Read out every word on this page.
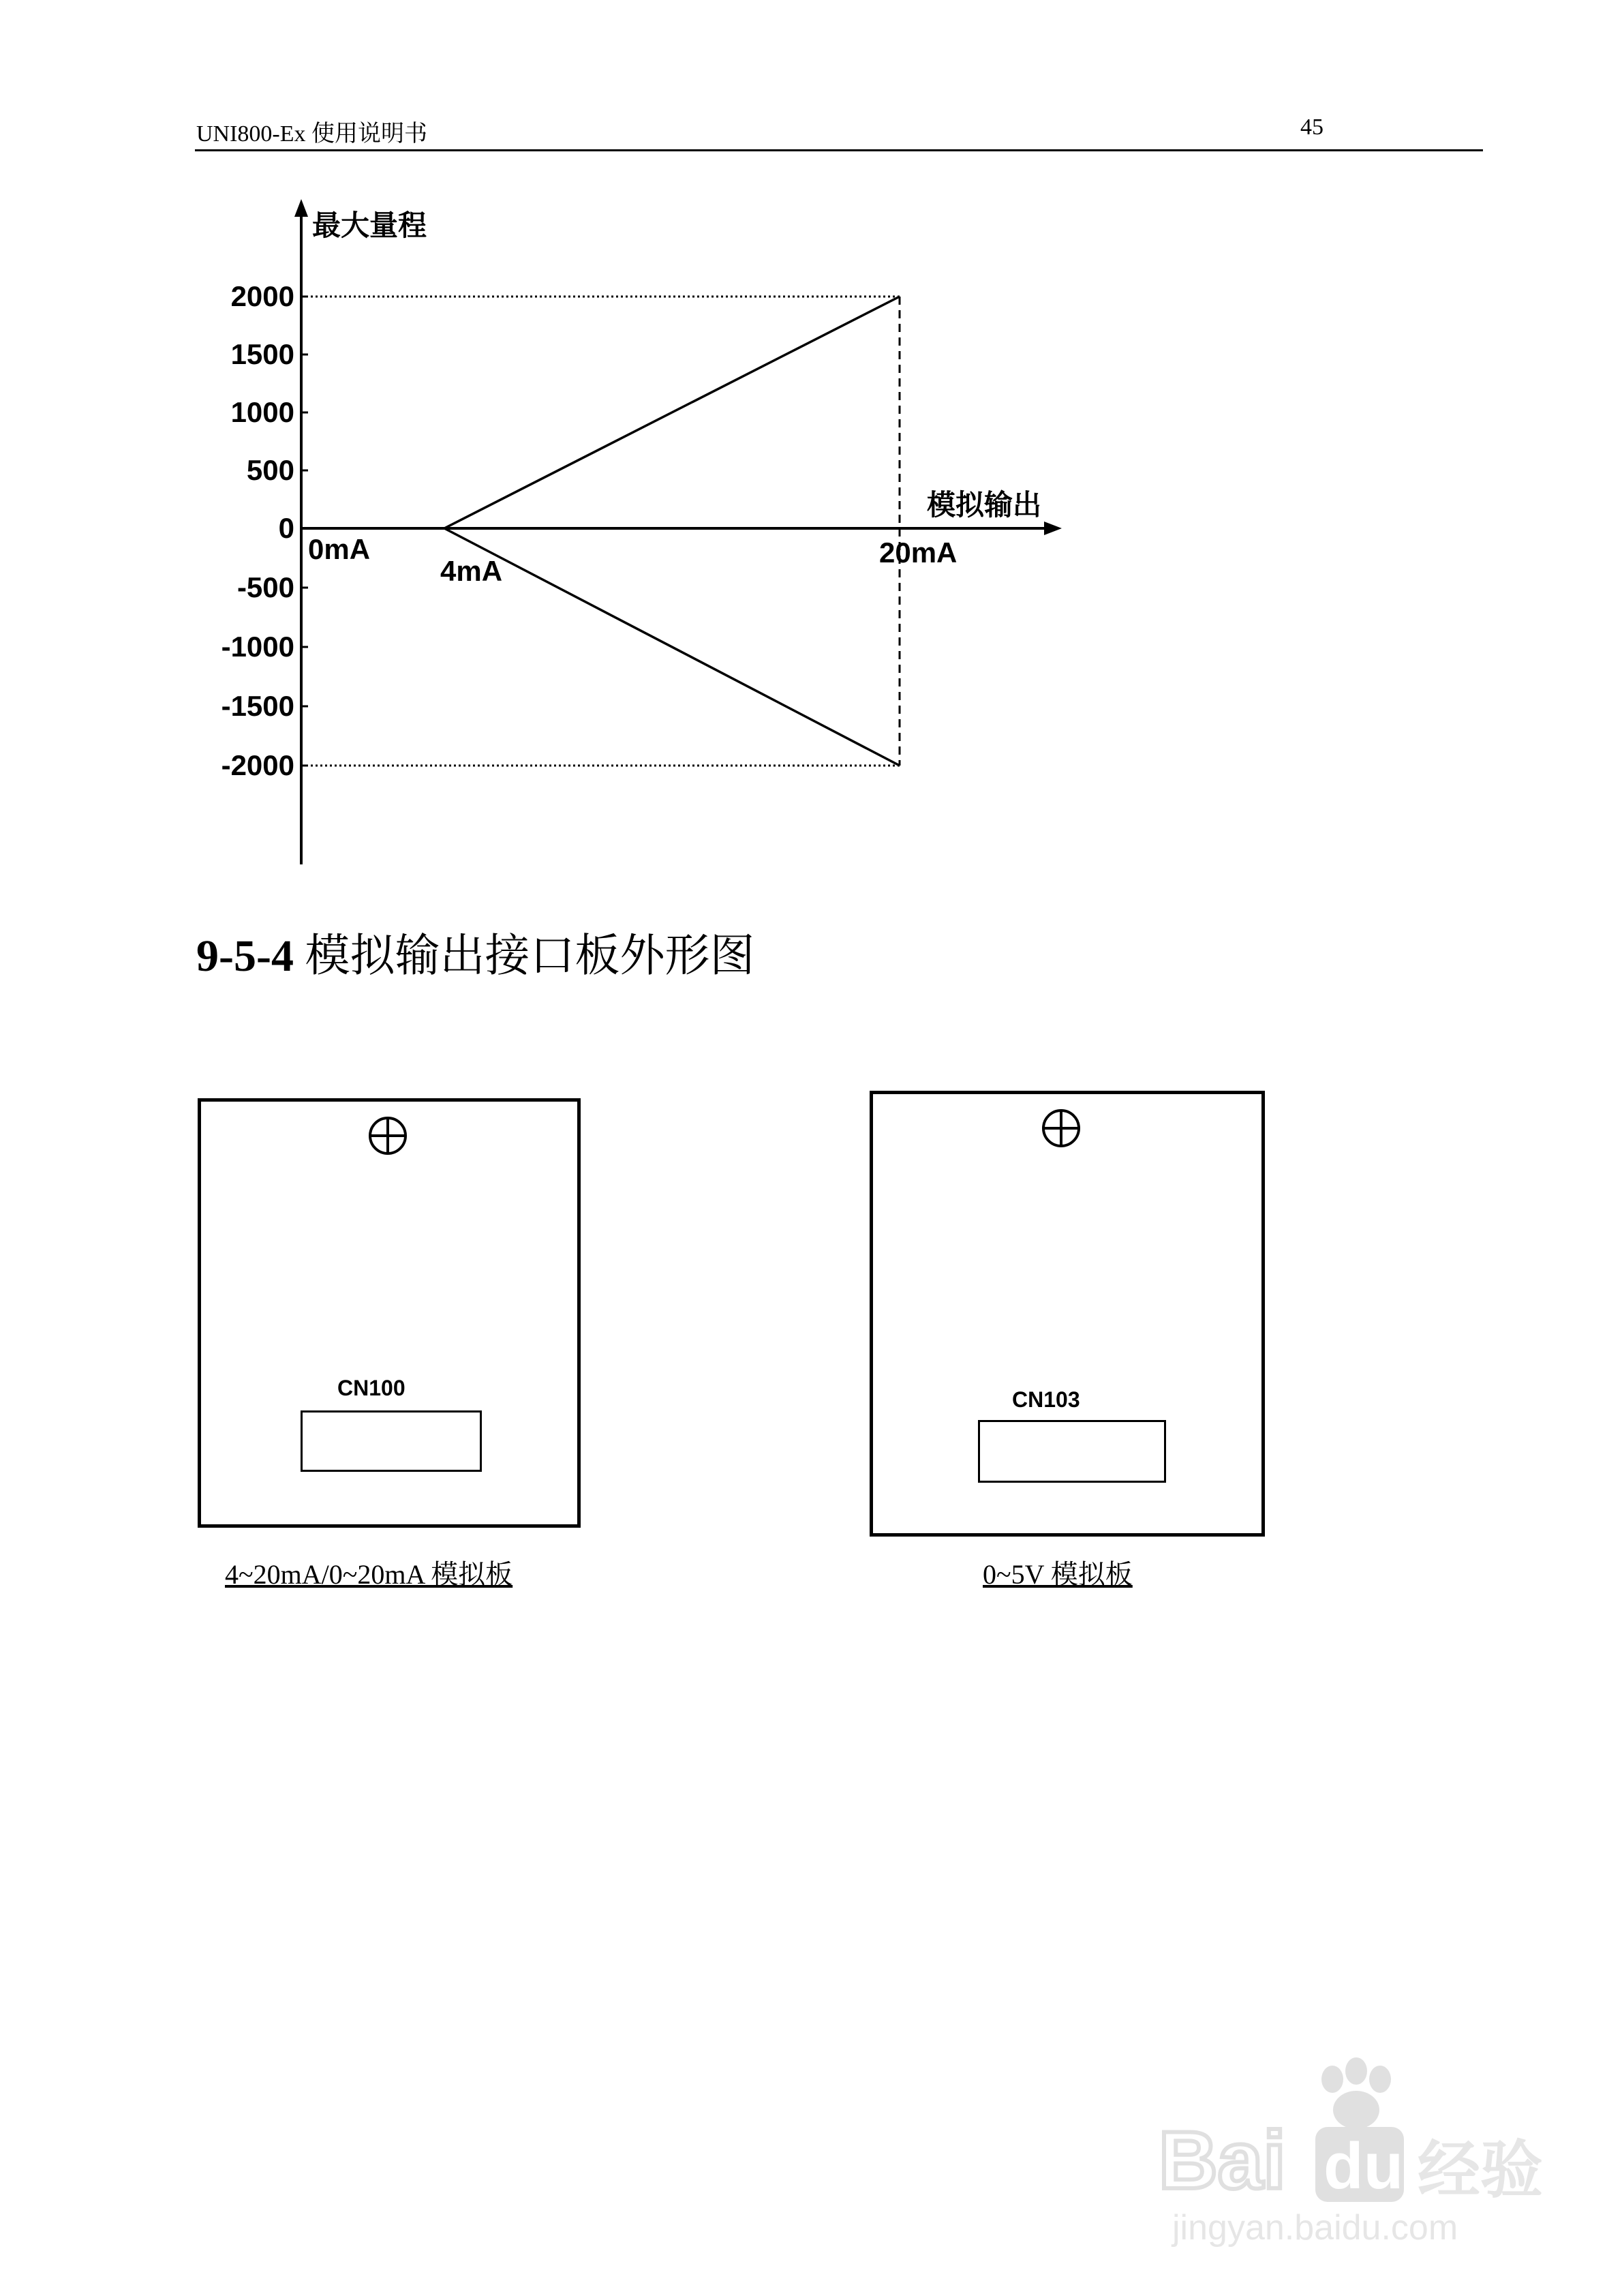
UNI800-Ex 使用说明书	45
2000
1500
1000
500
0
-500
-1000
-1500
-2000
最大量程
模拟输出
0mA
4mA
20mA
9-5-4 模拟输出接口板外形图
CN100
4~20mA/0~20mA 模拟板
CN103
0~5V 模拟板
Bai du 经验
jingyan.baidu.com
